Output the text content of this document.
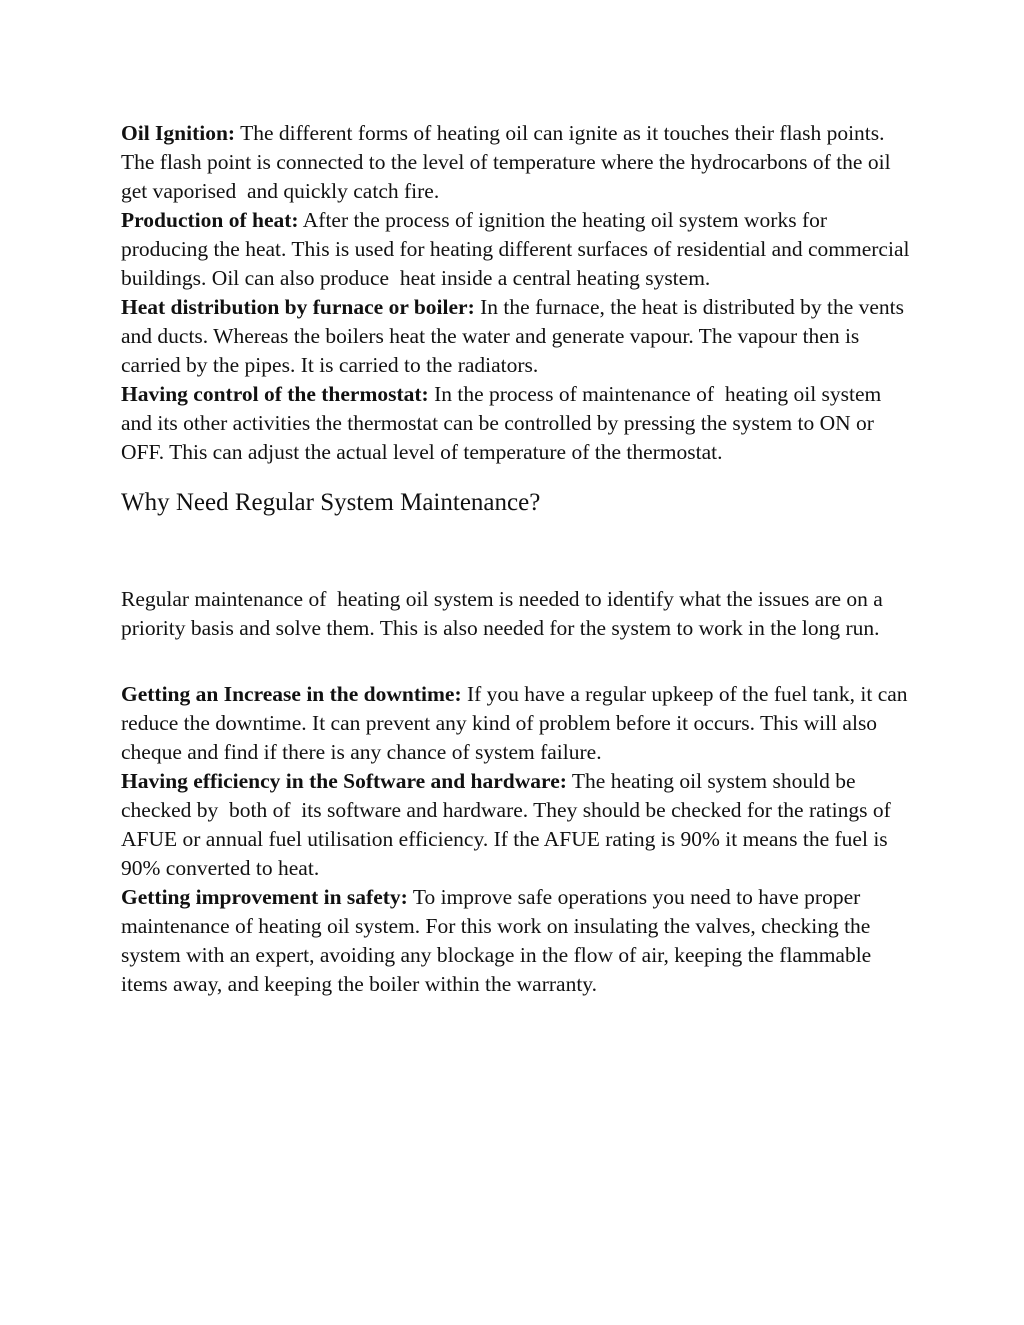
Oil Ignition: The different forms of heating oil can ignite as it touches their flash points. The flash point is connected to the level of temperature where the hydrocarbons of the oil get vaporised  and quickly catch fire.

Production of heat: After the process of ignition the heating oil system works for producing the heat. This is used for heating different surfaces of residential and commercial buildings. Oil can also produce  heat inside a central heating system.

Heat distribution by furnace or boiler: In the furnace, the heat is distributed by the vents and ducts. Whereas the boilers heat the water and generate vapour. The vapour then is carried by the pipes. It is carried to the radiators.

Having control of the thermostat: In the process of maintenance of  heating oil system and its other activities the thermostat can be controlled by pressing the system to ON or OFF. This can adjust the actual level of temperature of the thermostat.

Why Need Regular System Maintenance?

Regular maintenance of  heating oil system is needed to identify what the issues are on a priority basis and solve them. This is also needed for the system to work in the long run.

Getting an Increase in the downtime: If you have a regular upkeep of the fuel tank, it can reduce the downtime. It can prevent any kind of problem before it occurs. This will also cheque and find if there is any chance of system failure.

Having efficiency in the Software and hardware: The heating oil system should be checked by  both of  its software and hardware. They should be checked for the ratings of AFUE or annual fuel utilisation efficiency. If the AFUE rating is 90% it means the fuel is 90% converted to heat.

Getting improvement in safety: To improve safe operations you need to have proper maintenance of heating oil system. For this work on insulating the valves, checking the system with an expert, avoiding any blockage in the flow of air, keeping the flammable items away, and keeping the boiler within the warranty.
